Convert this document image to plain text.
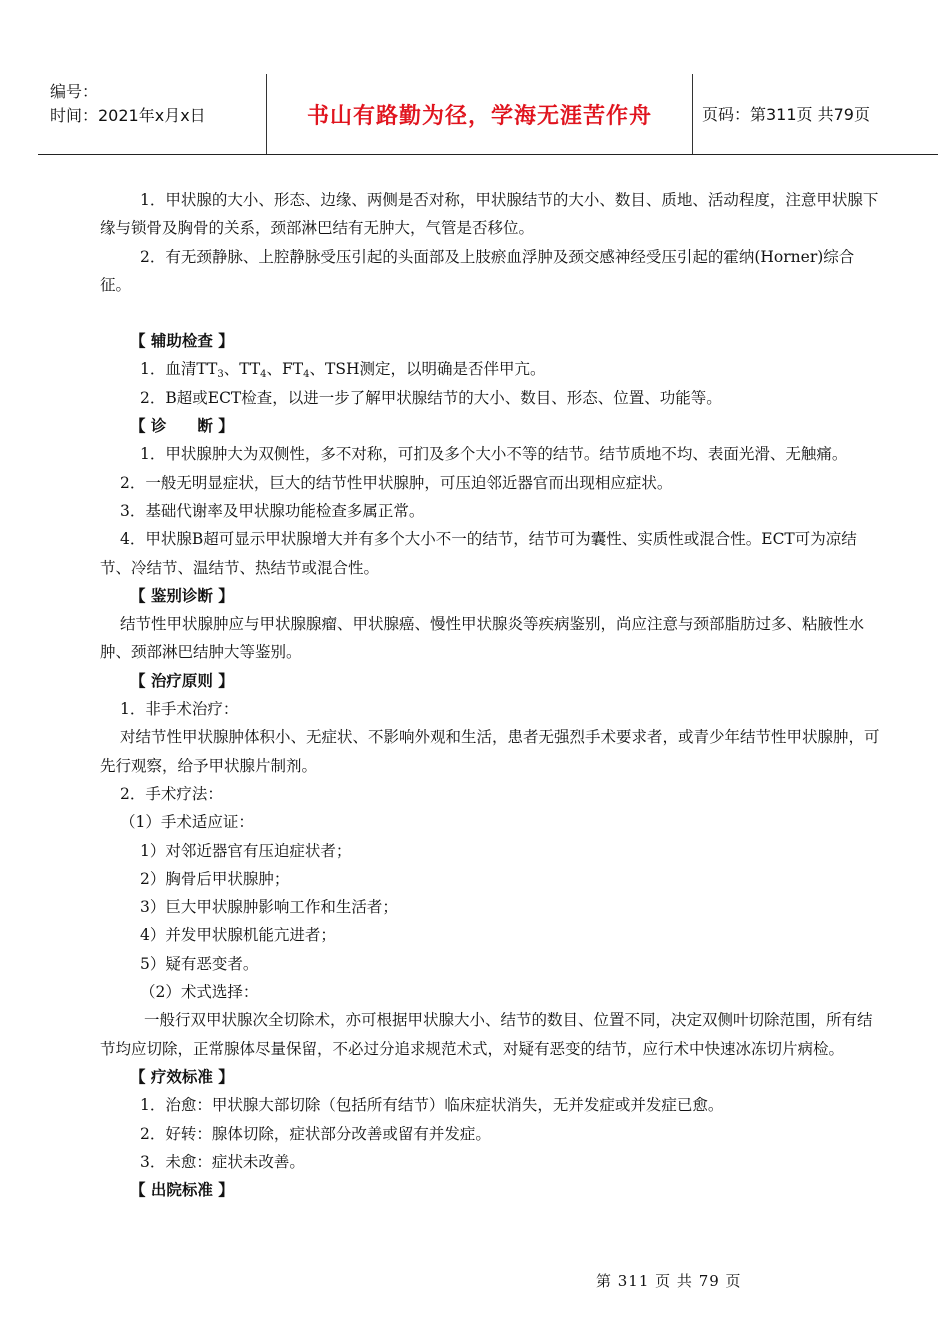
编号：
时间：2021年x月x日	书山有路勤为径，学海无涯苦作舟	页码：第311页 共79页

1．甲状腺的大小、形态、边缘、两侧是否对称，甲状腺结节的大小、数目、质地、活动程度，注意甲状腺下缘与锁骨及胸骨的关系，颈部淋巴结有无肿大，气管是否移位。

2．有无颈静脉、上腔静脉受压引起的头面部及上肢瘀血浮肿及颈交感神经受压引起的霍纳(Horner)综合征。

【 辅助检查 】

1．血清$TT_3$、$TT_4$、$FT_4$、TSH测定，以明确是否伴甲亢。

2．B超或ECT检查，以进一步了解甲状腺结节的大小、数目、形态、位置、功能等。

【 诊　　断 】

1．甲状腺肿大为双侧性，多不对称，可扪及多个大小不等的结节。结节质地不均、表面光滑、无触痛。

2．一般无明显症状，巨大的结节性甲状腺肿，可压迫邻近器官而出现相应症状。

3．基础代谢率及甲状腺功能检查多属正常。

4．甲状腺B超可显示甲状腺增大并有多个大小不一的结节，结节可为囊性、实质性或混合性。ECT可为凉结节、冷结节、温结节、热结节或混合性。

【 鉴别诊断 】

结节性甲状腺肿应与甲状腺腺瘤、甲状腺癌、慢性甲状腺炎等疾病鉴别，尚应注意与颈部脂肪过多、粘腋性水肿、颈部淋巴结肿大等鉴别。

【 治疗原则 】

1．非手术治疗：

对结节性甲状腺肿体积小、无症状、不影响外观和生活，患者无强烈手术要求者，或青少年结节性甲状腺肿，可先行观察，给予甲状腺片制剂。

2．手术疗法：

（1）手术适应证：

1）对邻近器官有压迫症状者；

2）胸骨后甲状腺肿；

3）巨大甲状腺肿影响工作和生活者；

4）并发甲状腺机能亢进者；

5）疑有恶变者。

（2）术式选择：

一般行双甲状腺次全切除术，亦可根据甲状腺大小、结节的数目、位置不同，决定双侧叶切除范围，所有结节均应切除，正常腺体尽量保留，不必过分追求规范术式，对疑有恶变的结节，应行术中快速冰冻切片病检。

【 疗效标准 】

1．治愈：甲状腺大部切除（包括所有结节）临床症状消失，无并发症或并发症已愈。

2．好转：腺体切除，症状部分改善或留有并发症。

3．未愈：症状未改善。

【 出院标准 】

第 311 页 共 79 页
